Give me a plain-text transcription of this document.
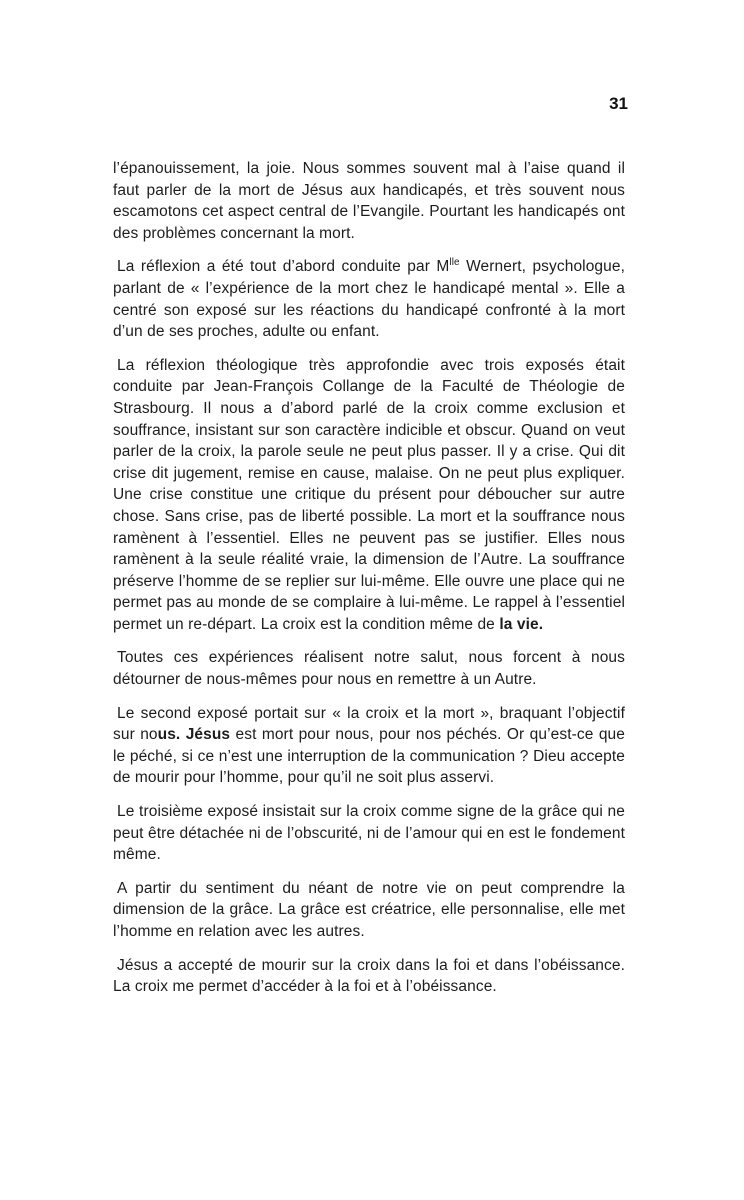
31

l’épanouissement, la joie. Nous sommes souvent mal à l’aise quand il faut parler de la mort de Jésus aux handicapés, et très souvent nous escamotons cet aspect central de l’Evangile. Pourtant les handicapés ont des problèmes concernant la mort.

La réflexion a été tout d’abord conduite par $M^{lle}$ Wernert, psychologue, parlant de « l’expérience de la mort chez le handicapé mental ». Elle a centré son exposé sur les réactions du handicapé confronté à la mort d’un de ses proches, adulte ou enfant.

La réflexion théologique très approfondie avec trois exposés était conduite par Jean-François Collange de la Faculté de Théologie de Strasbourg. Il nous a d’abord parlé de la croix comme exclusion et souffrance, insistant sur son caractère indicible et obscur. Quand on veut parler de la croix, la parole seule ne peut plus passer. Il y a crise. Qui dit crise dit jugement, remise en cause, malaise. On ne peut plus expliquer. Une crise constitue une critique du présent pour déboucher sur autre chose. Sans crise, pas de liberté possible. La mort et la souffrance nous ramènent à l’essentiel. Elles ne peuvent pas se justifier. Elles nous ramènent à la seule réalité vraie, la dimension de l’Autre. La souffrance préserve l’homme de se replier sur lui-même. Elle ouvre une place qui ne permet pas au monde de se complaire à lui-même. Le rappel à l’essentiel permet un re-départ. La croix est la condition même de la vie.

Toutes ces expériences réalisent notre salut, nous forcent à nous détourner de nous-mêmes pour nous en remettre à un Autre.

Le second exposé portait sur « la croix et la mort », braquant l’objectif sur nous. Jésus est mort pour nous, pour nos péchés. Or qu’est-ce que le péché, si ce n’est une interruption de la communication ? Dieu accepte de mourir pour l’homme, pour qu’il ne soit plus asservi.

Le troisième exposé insistait sur la croix comme signe de la grâce qui ne peut être détachée ni de l’obscurité, ni de l’amour qui en est le fondement même.

A partir du sentiment du néant de notre vie on peut comprendre la dimension de la grâce. La grâce est créatrice, elle personnalise, elle met l’homme en relation avec les autres.

Jésus a accepté de mourir sur la croix dans la foi et dans l’obéissance. La croix me permet d’accéder à la foi et à l’obéissance.
